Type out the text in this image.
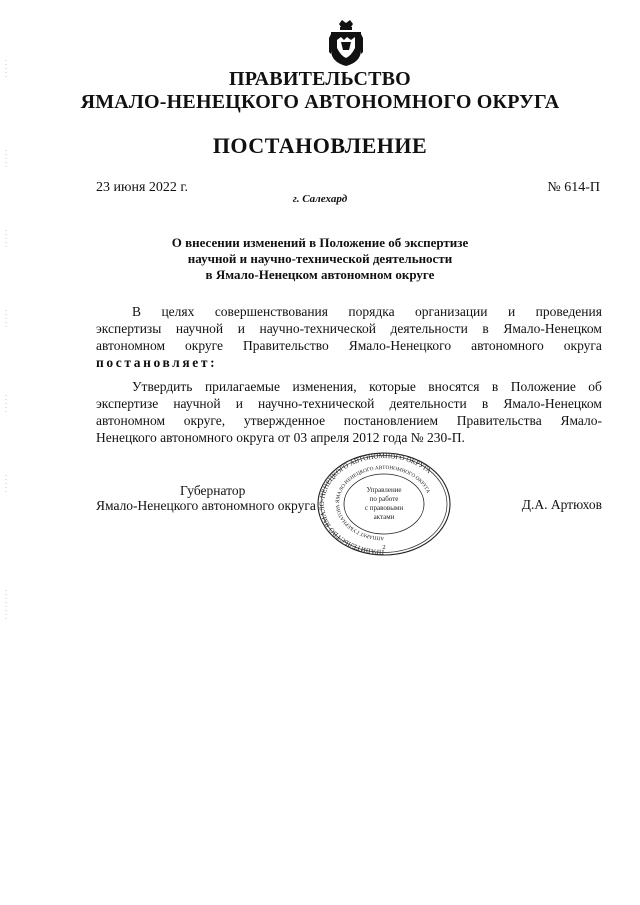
ПРАВИТЕЛЬСТВО
ЯМАЛО-НЕНЕЦКОГО АВТОНОМНОГО ОКРУГА
ПОСТАНОВЛЕНИЕ
23 июня 2022 г.	№ 614-П
г. Салехард
О внесении изменений в Положение об экспертизе
научной и научно-технической деятельности
в Ямало-Ненецком автономном округе
В целях совершенствования порядка организации и проведения
экспертизы научной и научно-технической деятельности в Ямало-Ненецком
автономном округе Правительство Ямало-Ненецкого автономного округа
постановляет:
Утвердить прилагаемые изменения, которые вносятся в Положение об
экспертизе научной и научно-технической деятельности в Ямало-Ненецком
автономном округе, утвержденное постановлением Правительства Ямало-
Ненецкого автономного округа от 03 апреля 2012 года № 230-П.
Губернатор
Ямало-Ненецкого автономного округа	Д.А. Артюхов
ПРАВИТЕЛЬСТВО ЯМАЛО-НЕНЕЦКОГО АВТОНОМНОГО ОКРУГА
АППАРАТ ГУБЕРНАТОРА ЯМАЛО-НЕНЕЦКОГО АВТОНОМНОГО ОКРУГА
Управление
по работе
с правовыми
актами
2
